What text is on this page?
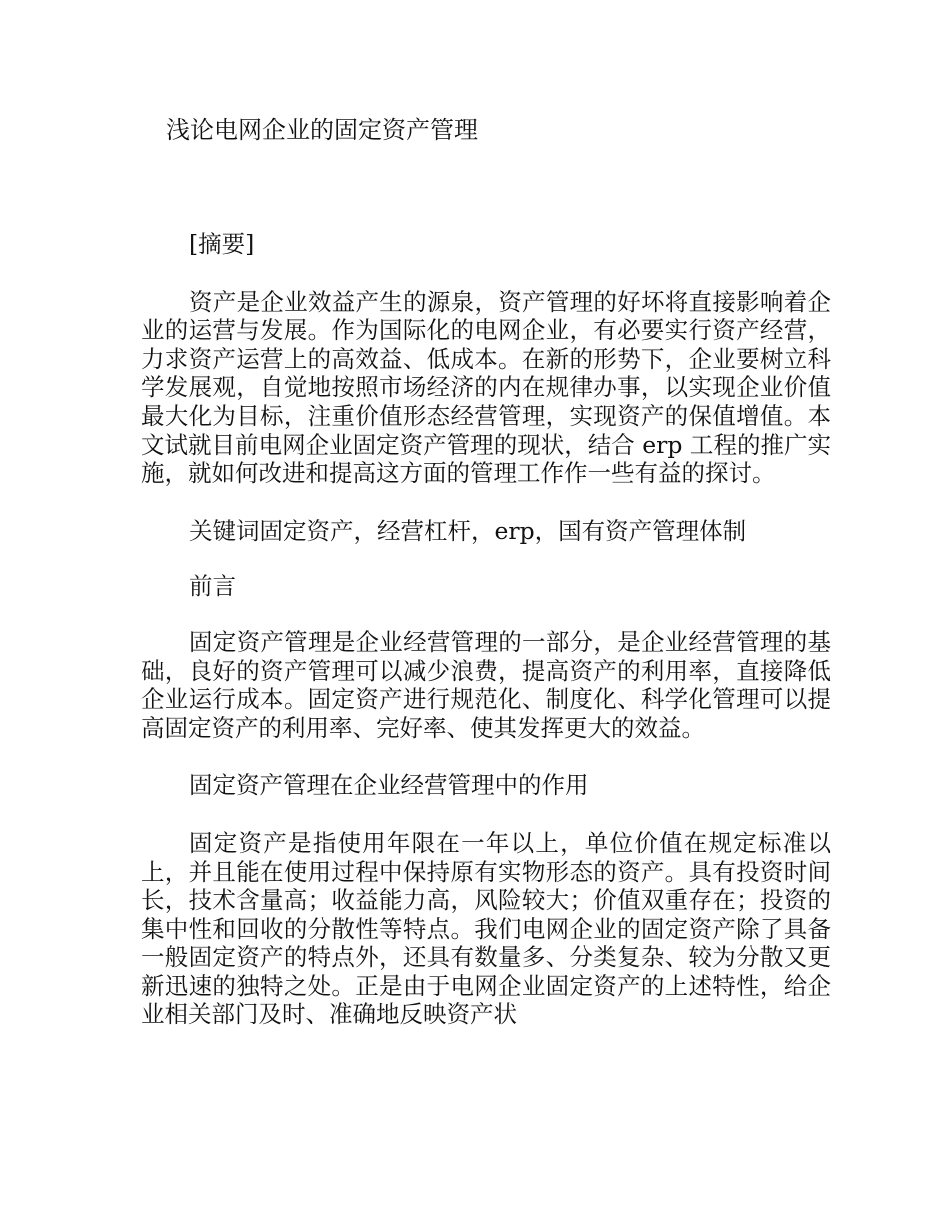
浅论电网企业的固定资产管理

[摘要]

资产是企业效益产生的源泉，资产管理的好坏将直接影响着企业的运营与发展。作为国际化的电网企业，有必要实行资产经营，力求资产运营上的高效益、低成本。在新的形势下，企业要树立科学发展观，自觉地按照市场经济的内在规律办事，以实现企业价值最大化为目标，注重价值形态经营管理，实现资产的保值增值。本文试就目前电网企业固定资产管理的现状，结合 erp 工程的推广实施，就如何改进和提高这方面的管理工作作一些有益的探讨。

关键词固定资产，经营杠杆，erp，国有资产管理体制

前言

固定资产管理是企业经营管理的一部分，是企业经营管理的基础，良好的资产管理可以减少浪费，提高资产的利用率，直接降低企业运行成本。固定资产进行规范化、制度化、科学化管理可以提高固定资产的利用率、完好率、使其发挥更大的效益。

固定资产管理在企业经营管理中的作用

固定资产是指使用年限在一年以上，单位价值在规定标准以上，并且能在使用过程中保持原有实物形态的资产。具有投资时间长，技术含量高；收益能力高，风险较大；价值双重存在；投资的集中性和回收的分散性等特点。我们电网企业的固定资产除了具备一般固定资产的特点外，还具有数量多、分类复杂、较为分散又更新迅速的独特之处。正是由于电网企业固定资产的上述特性，给企业相关部门及时、准确地反映资产状
